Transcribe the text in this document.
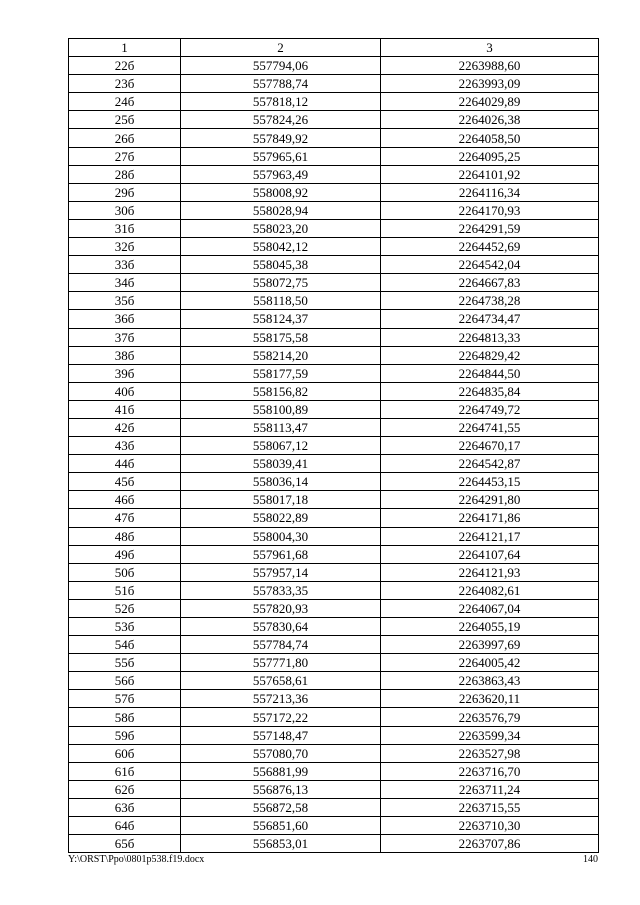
1	2	3
22б	557794,06	2263988,60
23б	557788,74	2263993,09
24б	557818,12	2264029,89
25б	557824,26	2264026,38
26б	557849,92	2264058,50
27б	557965,61	2264095,25
28б	557963,49	2264101,92
29б	558008,92	2264116,34
30б	558028,94	2264170,93
31б	558023,20	2264291,59
32б	558042,12	2264452,69
33б	558045,38	2264542,04
34б	558072,75	2264667,83
35б	558118,50	2264738,28
36б	558124,37	2264734,47
37б	558175,58	2264813,33
38б	558214,20	2264829,42
39б	558177,59	2264844,50
40б	558156,82	2264835,84
41б	558100,89	2264749,72
42б	558113,47	2264741,55
43б	558067,12	2264670,17
44б	558039,41	2264542,87
45б	558036,14	2264453,15
46б	558017,18	2264291,80
47б	558022,89	2264171,86
48б	558004,30	2264121,17
49б	557961,68	2264107,64
50б	557957,14	2264121,93
51б	557833,35	2264082,61
52б	557820,93	2264067,04
53б	557830,64	2264055,19
54б	557784,74	2263997,69
55б	557771,80	2264005,42
56б	557658,61	2263863,43
57б	557213,36	2263620,11
58б	557172,22	2263576,79
59б	557148,47	2263599,34
60б	557080,70	2263527,98
61б	556881,99	2263716,70
62б	556876,13	2263711,24
63б	556872,58	2263715,55
64б	556851,60	2263710,30
65б	556853,01	2263707,86
Y:\ORST\Ppo\0801p538.f19.docx	140
